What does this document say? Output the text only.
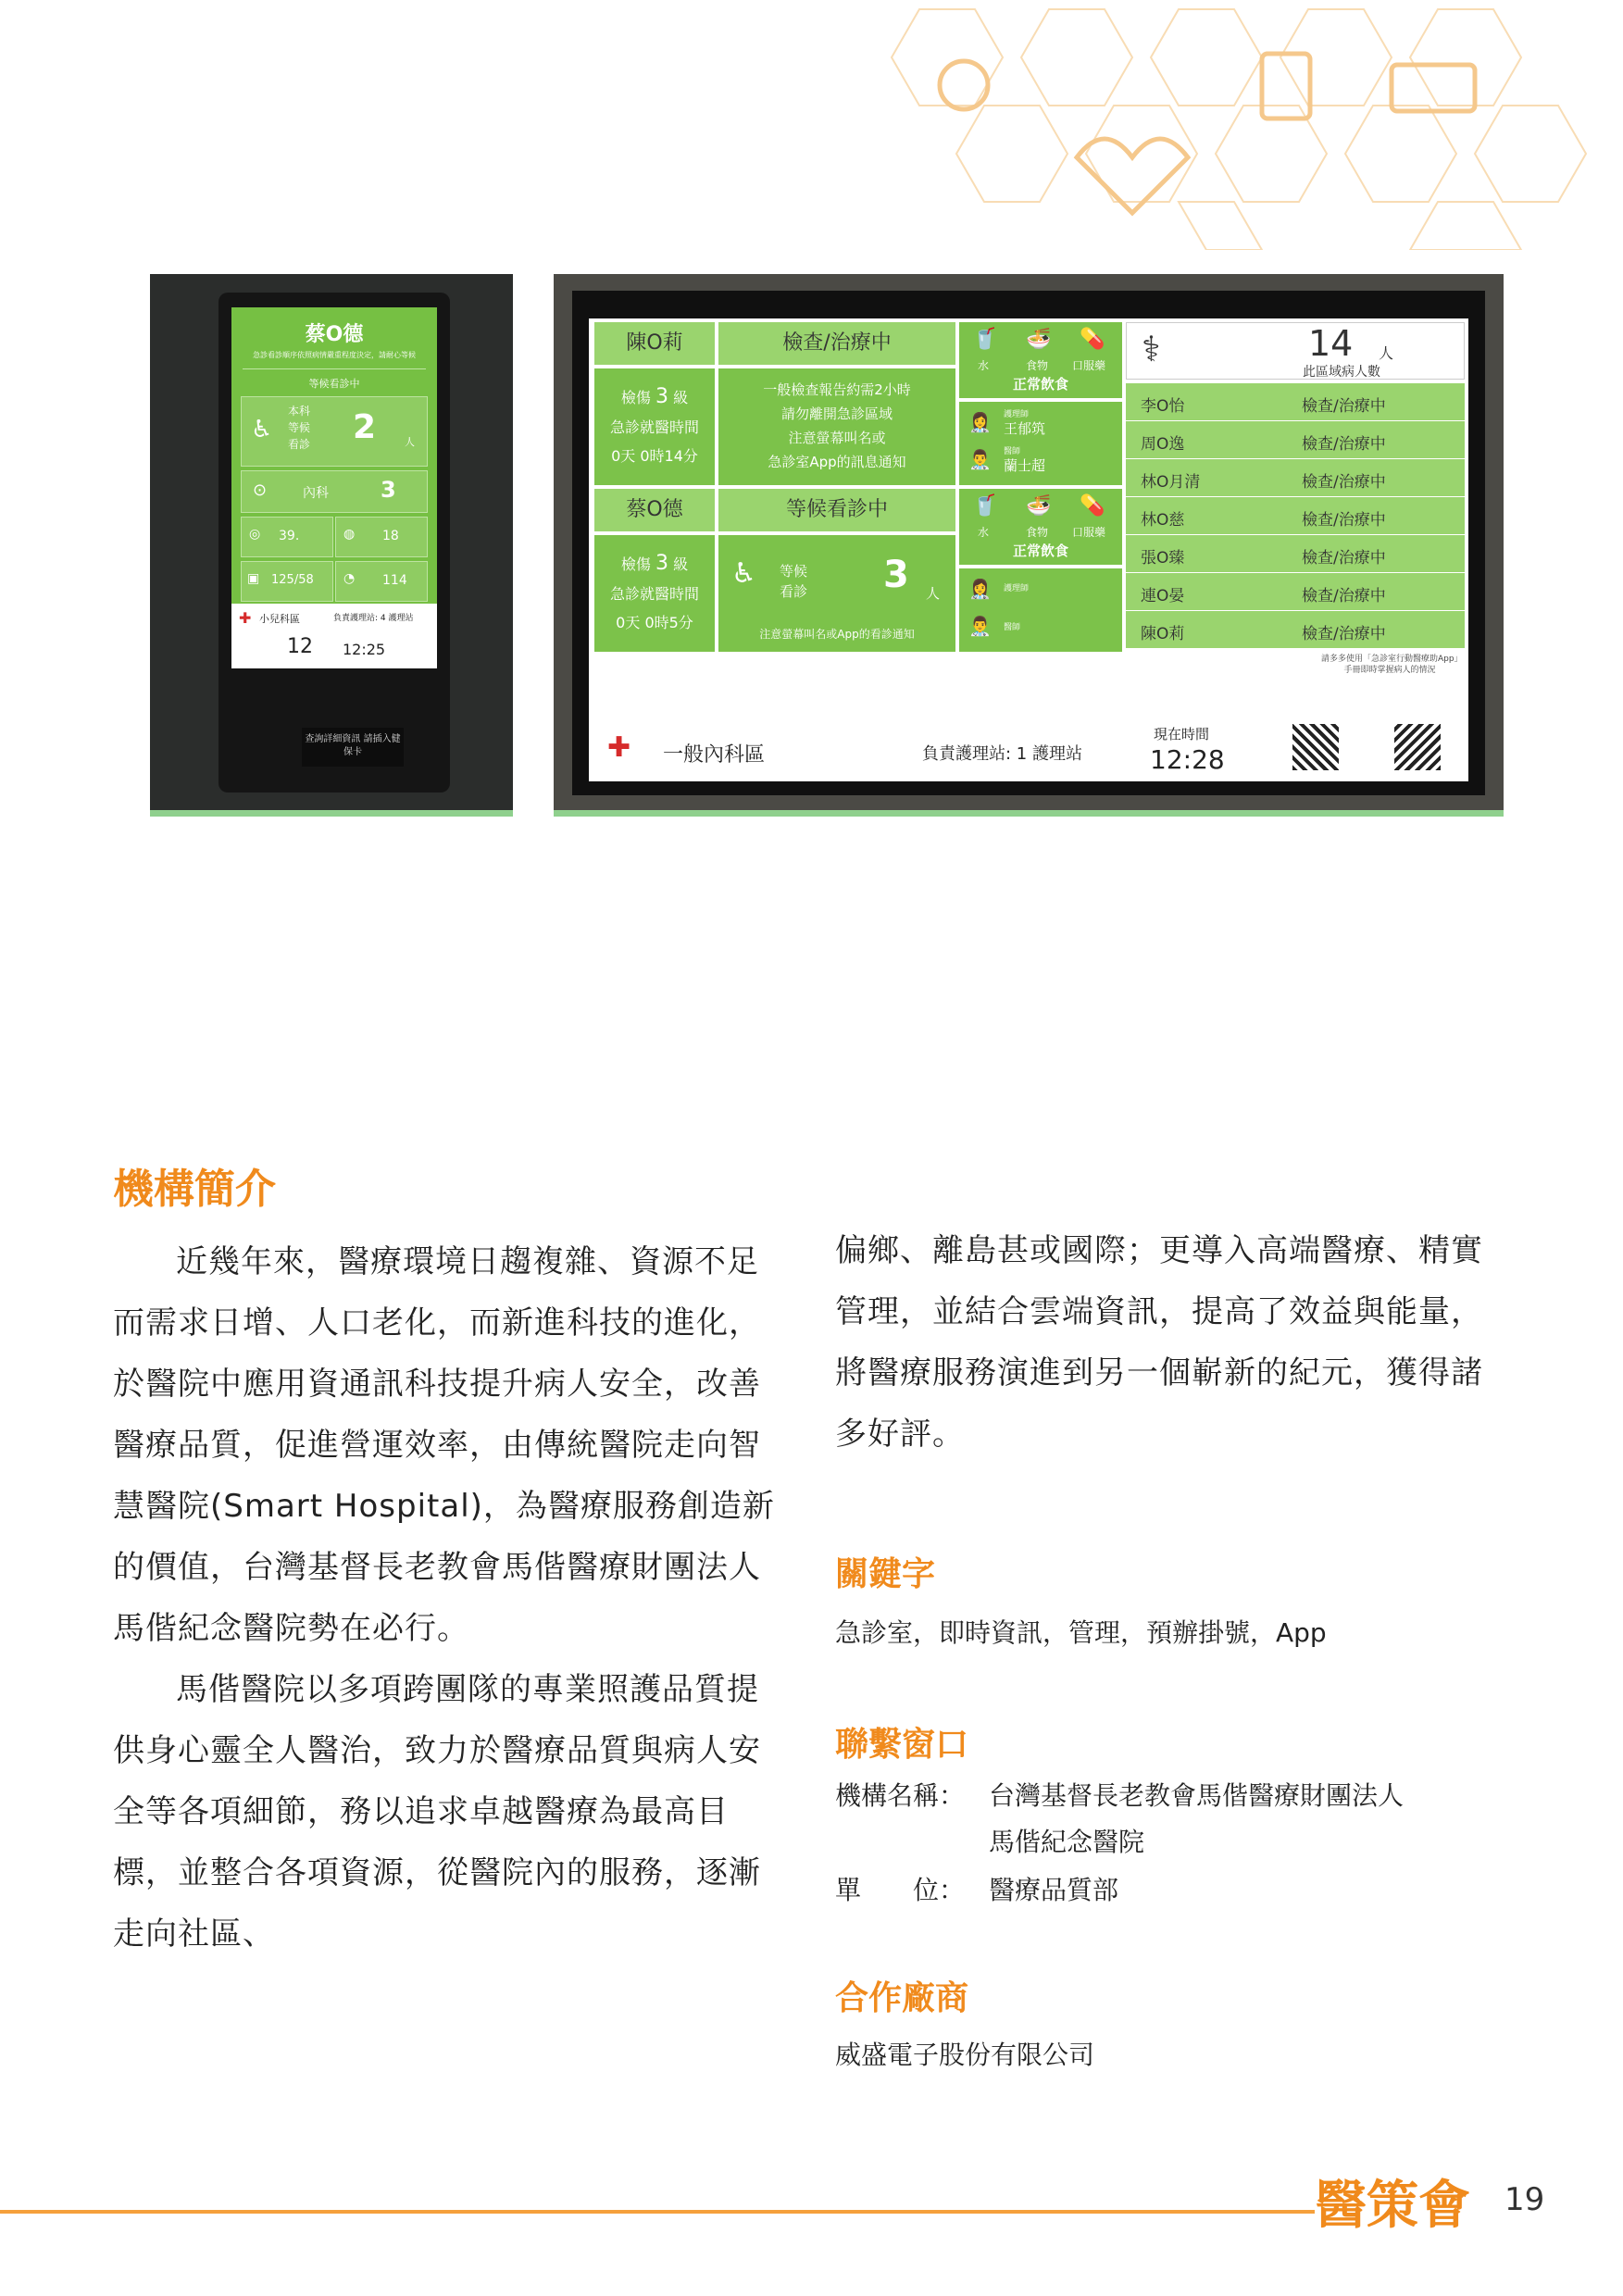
蔡O德
急診看診順序依照病情嚴重程度決定，請耐心等候
等候看診中
♿
本科
等候
看診 2	人
⊙	內科 3
◎ 39.	◍ 18
▣ 125/58 ◔ 114
✚ 小兒科區	負責護理站: 4 護理站
12 12:25
查詢詳細資訊 請插入健保卡
陳O莉	檢查/治療中
檢傷 3 級
急診就醫時間
0天 0時14分
一般檢查報告約需2小時
請勿離開急診區域
注意螢幕叫名或
急診室App的訊息通知
🥤 🍜 💊
水	食物 口服藥
正常飲食
👩‍⚕️ 護理師
王郁筑
👨‍⚕️ 醫師
蘭士超
蔡O德	等候看診中
檢傷 3 級
急診就醫時間
0天 0時5分
♿ 等候
看診 3 人
注意螢幕叫名或App的看診通知
🥤 🍜 💊
水	食物 口服藥
正常飲食
👩‍⚕️ 護理師
👨‍⚕️ 醫師
⚕	14 人
此區域病人數
李O怡	檢查/治療中
周O逸	檢查/治療中
林O月清	檢查/治療中
林O慈	檢查/治療中
張O臻	檢查/治療中
連O晏	檢查/治療中
陳O莉	檢查/治療中
請多多使用「急診室行動醫療助App」手冊即時掌握病人的情況
✚ 一般內科區	負責護理站: 1 護理站
現在時間
12:28
機構簡介

近幾年來，醫療環境日趨複雜、資源不足而需求日增、人口老化，而新進科技的進化，於醫院中應用資通訊科技提升病人安全，改善醫療品質，促進營運效率，由傳統醫院走向智慧醫院(Smart Hospital)，為醫療服務創造新的價值，台灣基督長老教會馬偕醫療財團法人馬偕紀念醫院勢在必行。

馬偕醫院以多項跨團隊的專業照護品質提供身心靈全人醫治，致力於醫療品質與病人安全等各項細節，務以追求卓越醫療為最高目標，並整合各項資源，從醫院內的服務，逐漸走向社區、

偏鄉、離島甚或國際；更導入高端醫療、精實管理，並結合雲端資訊，提高了效益與能量，將醫療服務演進到另一個嶄新的紀元，獲得諸多好評。

關鍵字
急診室，即時資訊，管理，預辦掛號，App
聯繫窗口
機構名稱： 台灣基督長老教會馬偕醫療財團法人
馬偕紀念醫院
單　　位： 醫療品質部
合作廠商
威盛電子股份有限公司
醫策會	19
